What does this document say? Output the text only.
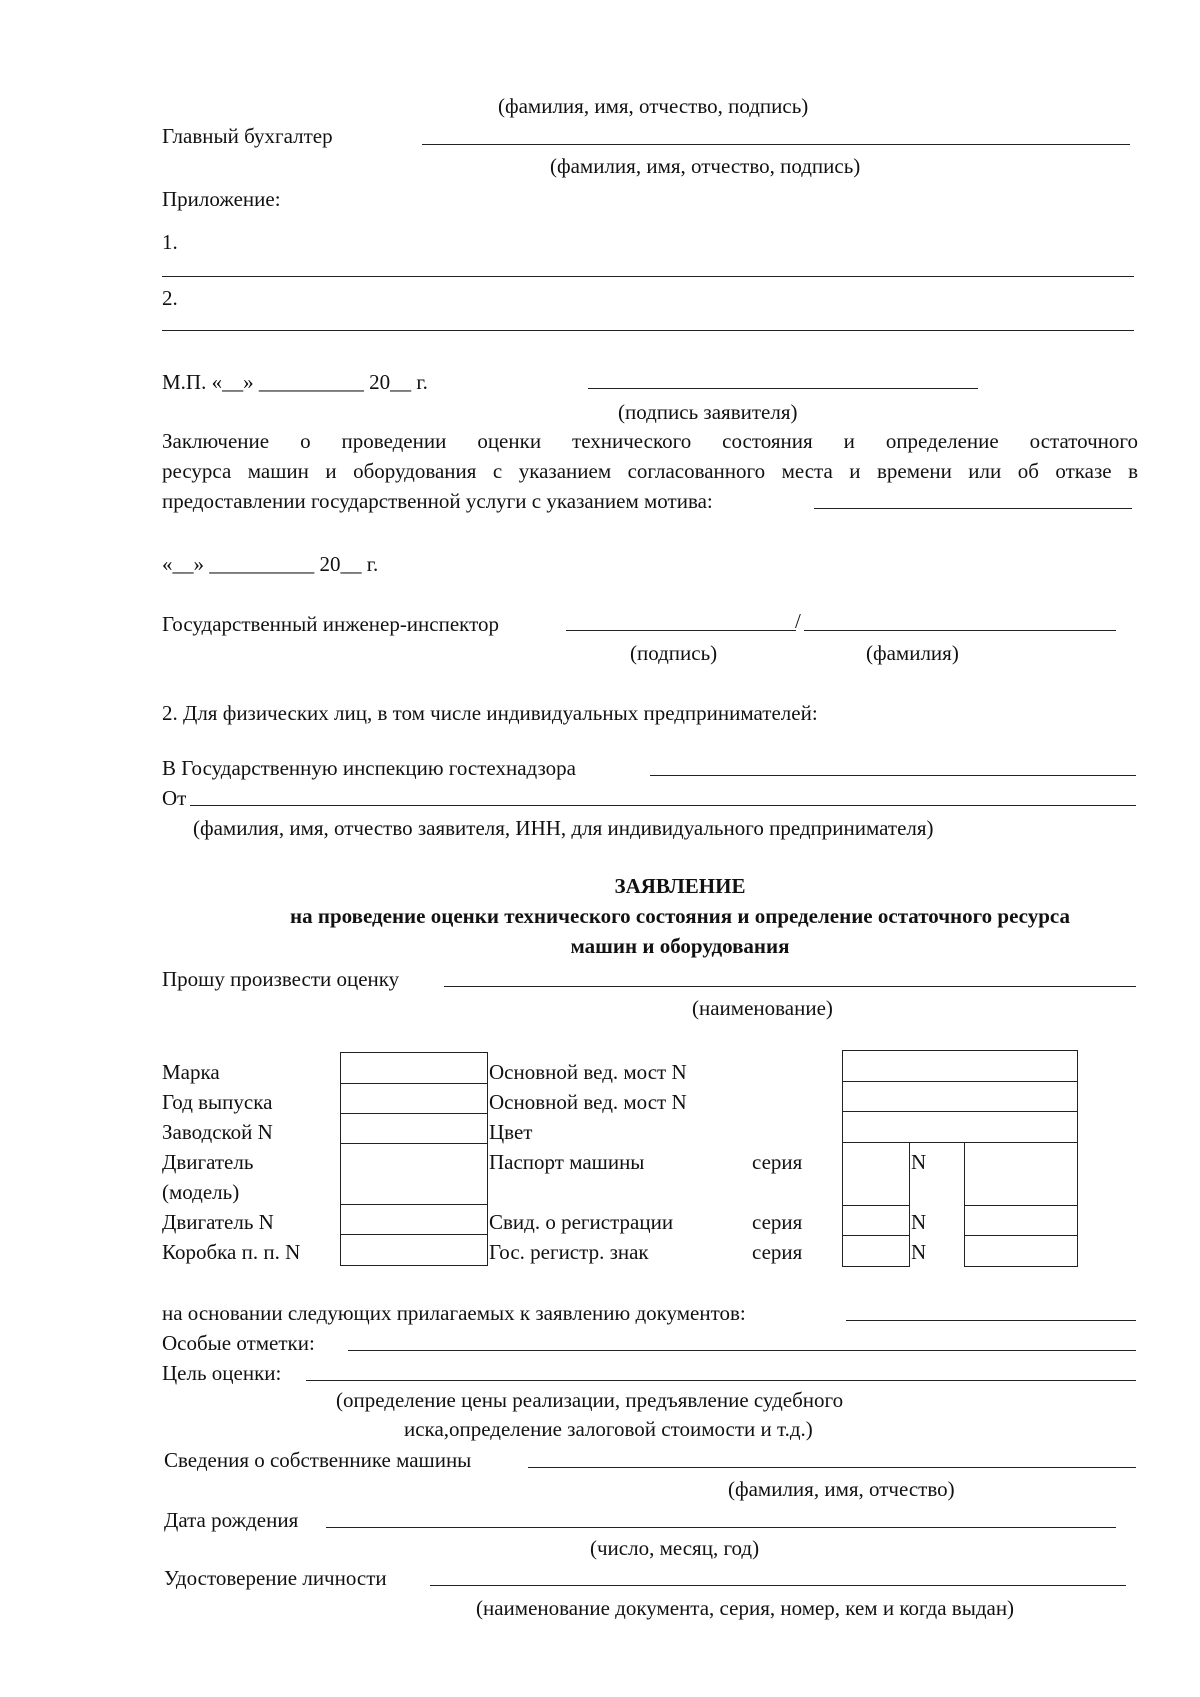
(фамилия, имя, отчество, подпись)
Главный бухгалтер
(фамилия, имя, отчество, подпись)
Приложение:
1.
2.
М.П. «__» __________ 20__ г.
(подпись заявителя)
Заключение о проведении оценки технического состояния и определение остаточного
ресурса машин и оборудования с указанием согласованного места и времени или об отказе в
предоставлении государственной услуги с указанием мотива:
«__» __________ 20__ г.
Государственный инженер-инспектор	/
(подпись)	(фамилия)
2. Для физических лиц, в том числе индивидуальных предпринимателей:
В Государственную инспекцию гостехнадзора
От
(фамилия, имя, отчество заявителя, ИНН, для индивидуального предпринимателя)
ЗАЯВЛЕНИЕ
на проведение оценки технического состояния и определение остаточного ресурса
машин и оборудования
Прошу произвести оценку
(наименование)
Марка
Год выпуска
Заводской N
Двигатель
(модель)
Двигатель N
Коробка п. п. N
Основной вед. мост N
Основной вед. мост N
Цвет
Паспорт машины
Свид. о регистрации
Гос. регистр. знак
серия
серия
серия
N
N
N
на основании следующих прилагаемых к заявлению документов:
Особые отметки:
Цель оценки:
(определение цены реализации, предъявление судебного
иска,определение залоговой стоимости и т.д.)
Сведения о собственнике машины
(фамилия, имя, отчество)
Дата рождения
(число, месяц, год)
Удостоверение личности
(наименование документа, серия, номер, кем и когда выдан)
